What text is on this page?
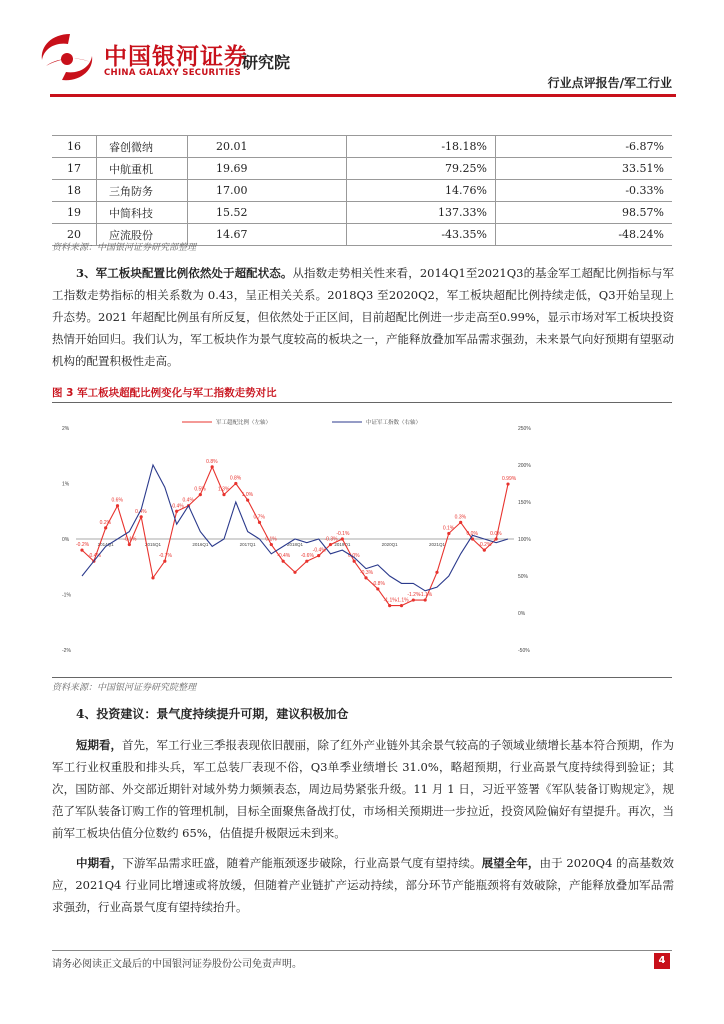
中国银河证券
CHINA GALAXY SECURITIES
研究院
行业点评报告/军工行业
16	睿创微纳	20.01	-18.18%	-6.87%
17	中航重机	19.69	79.25%	33.51%
18	三角防务	17.00	14.76%	-0.33%
19	中简科技	15.52	137.33%	98.57%
20	应流股份	14.67	-43.35%	-48.24%
资料来源：中国银河证券研究部整理

3、军工板块配置比例依然处于超配状态。从指数走势相关性来看，2014Q1至2021Q3的基金军工超配比例指标与军工指数走势指标的相关系数为 0.43，呈正相关关系。2018Q3 至2020Q2，军工板块超配比例持续走低，Q3开始呈现上升态势。2021 年超配比例虽有所反复，但依然处于正区间，目前超配比例进一步走高至0.99%，显示市场对军工板块投资热情开始回归。我们认为，军工板块作为景气度较高的板块之一，产能释放叠加军品需求强劲，未来景气向好预期有望驱动机构的配置积极性走高。

图 3 军工板块超配比例变化与军工指数走势对比
2%
1%
0%
-1%
-2%
250%
200%
150%
100%
50%
0%
-50%
2014Q1	2015Q1	2016Q1	2017Q1	2018Q1	2019Q1	2020Q1	2021Q1
军工超配比例（左轴）	中证军工指数（右轴）
-0.2%
-0.4%
0.2%
0.6%
-0.1%
0.4%
-0.7%
-0.4%
0.4%
0.5%
0.8%
1.3%
0.8%
1.0%
0.7%
0.1%
-0.4% -0.6%
-0.4%
-0.3%
-0.1%
0.0%
-0.3%
-0.8%
-1.1%
-1.1%
-1.2%
-1.1%
0.1%
0.3%
0.0%
-0.2%
0.0%
0.99%
资料来源：中国银河证券研究院整理
4、投资建议：景气度持续提升可期，建议积极加仓

短期看，首先，军工行业三季报表现依旧靓丽，除了红外产业链外其余景气较高的子领域业绩增长基本符合预期，作为军工行业权重股和排头兵，军工总装厂表现不俗，Q3单季业绩增长 31.0%，略超预期，行业高景气度持续得到验证；其次，国防部、外交部近期针对域外势力频频表态，周边局势紧张升级。11 月 1 日，习近平签署《军队装备订购规定》，规范了军队装备订购工作的管理机制，目标全面聚焦备战打仗，市场相关预期进一步拉近，投资风险偏好有望提升。再次，当前军工板块估值分位数约 65%，估值提升极限远未到来。

中期看，下游军品需求旺盛，随着产能瓶颈逐步破除，行业高景气度有望持续。展望全年，由于 2020Q4 的高基数效应，2021Q4 行业同比增速或将放缓，但随着产业链扩产运动持续，部分环节产能瓶颈将有效破除，产能释放叠加军品需求强劲，行业高景气度有望持续抬升。

请务必阅读正文最后的中国银河证券股份公司免责声明。	4
